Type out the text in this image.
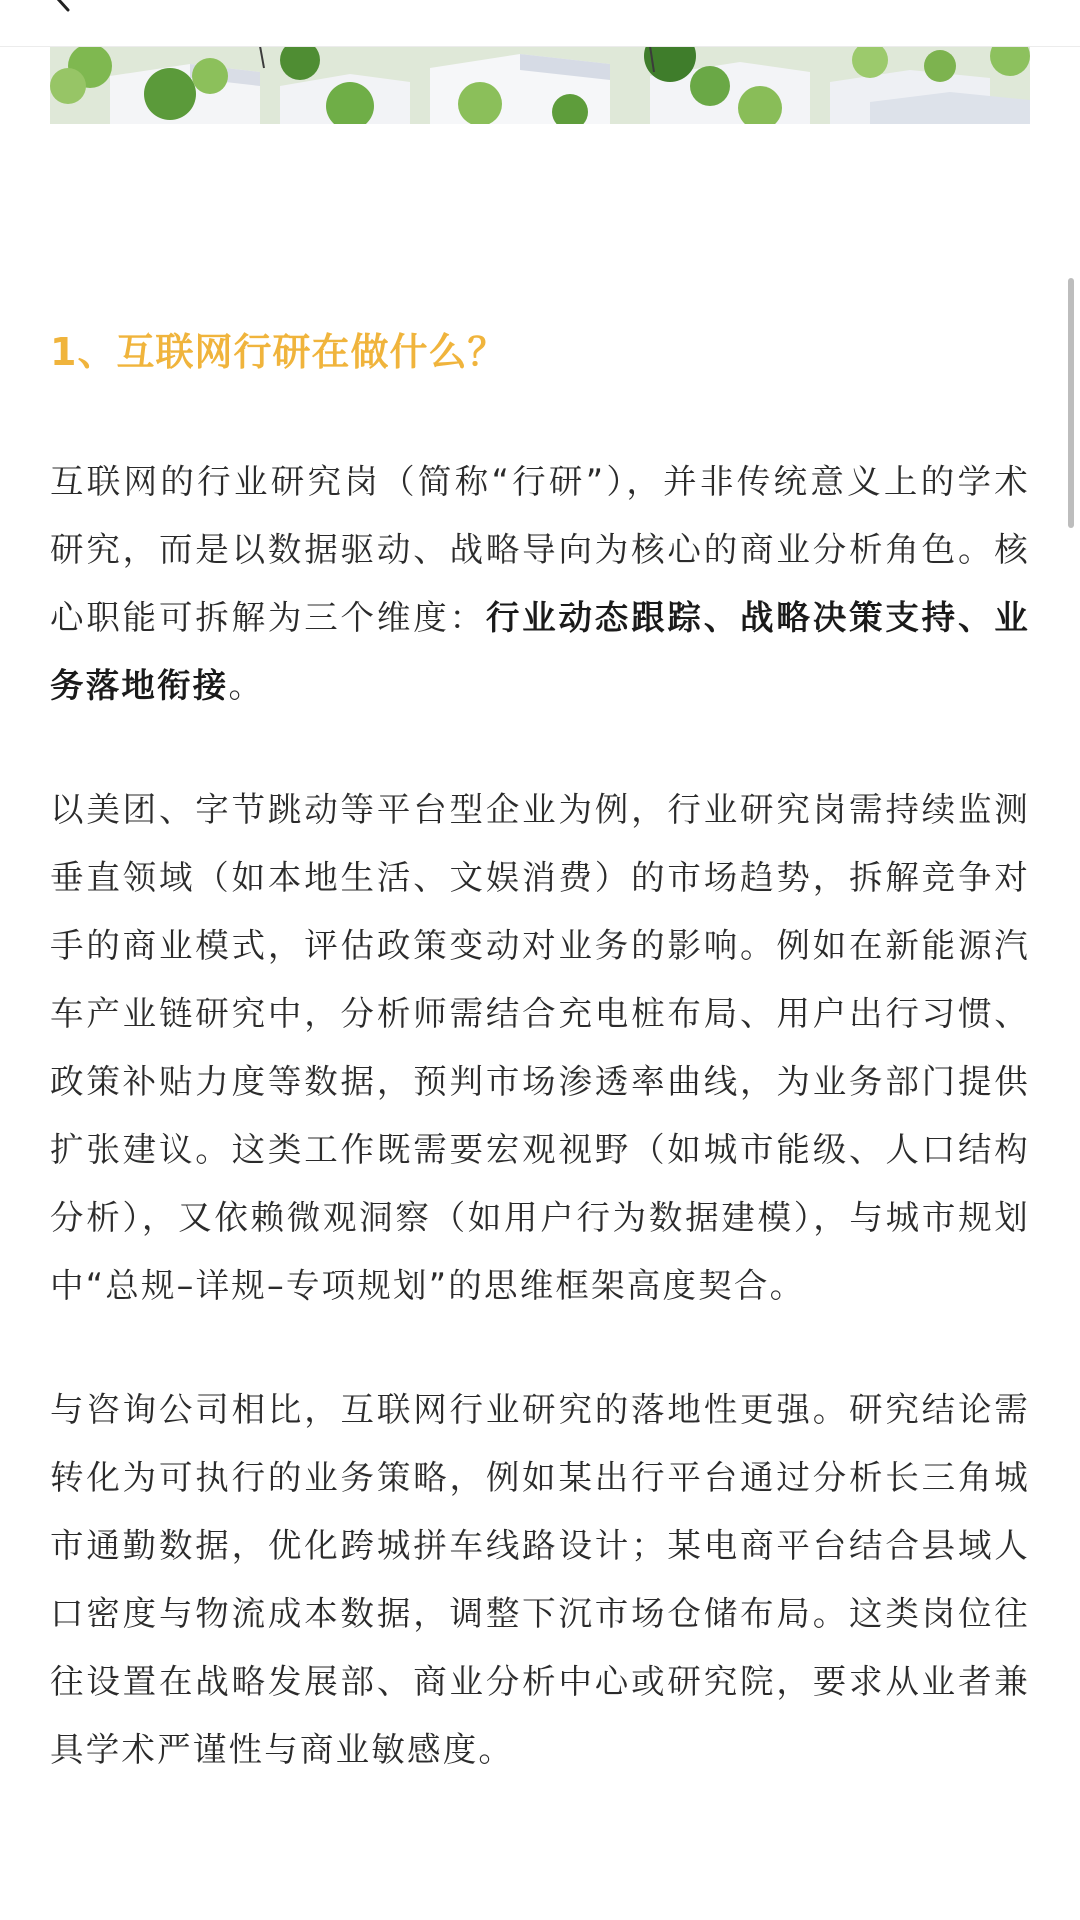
1、互联网行研在做什么？

互联网的行业研究岗（简称“行研”），并非传统意义上的学术研究，而是以数据驱动、战略导向为核心的商业分析角色。核心职能可拆解为三个维度：行业动态跟踪、战略决策支持、业务落地衔接。

以美团、字节跳动等平台型企业为例，行业研究岗需持续监测垂直领域（如本地生活、文娱消费）的市场趋势，拆解竞争对手的商业模式，评估政策变动对业务的影响。例如在新能源汽车产业链研究中，分析师需结合充电桩布局、用户出行习惯、政策补贴力度等数据，预判市场渗透率曲线，为业务部门提供扩张建议。这类工作既需要宏观视野（如城市能级、人口结构分析），又依赖微观洞察（如用户行为数据建模），与城市规划中“总规–详规–专项规划”的思维框架高度契合。

与咨询公司相比，互联网行业研究的落地性更强。研究结论需转化为可执行的业务策略，例如某出行平台通过分析长三角城市通勤数据，优化跨城拼车线路设计；某电商平台结合县域人口密度与物流成本数据，调整下沉市场仓储布局。这类岗位往往设置在战略发展部、商业分析中心或研究院，要求从业者兼具学术严谨性与商业敏感度。
